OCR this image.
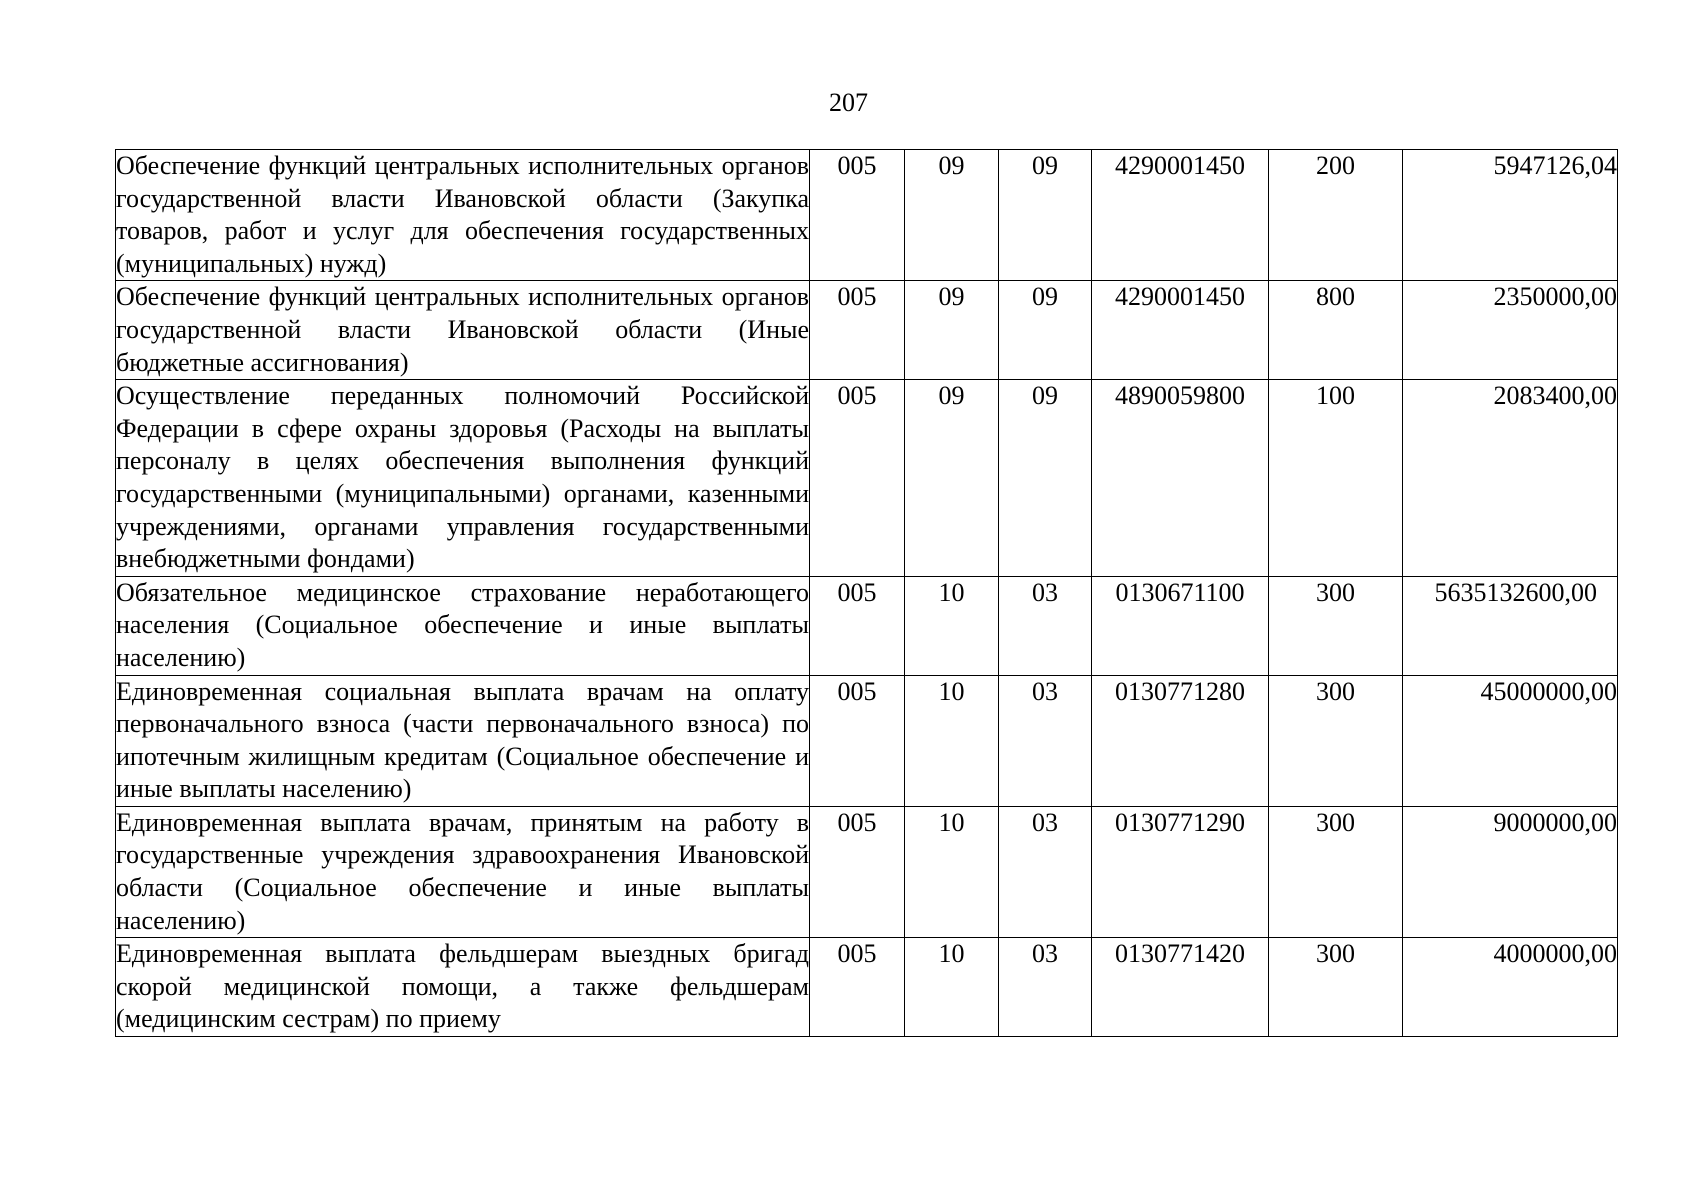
207
Обеспечение функций центральных исполнительных органов государственной власти Ивановской области (Закупка товаров, работ и услуг для обеспечения государственных (муниципальных) нужд)	005	09	09	4290001450	200	5947126,04
Обеспечение функций центральных исполнительных органов государственной власти Ивановской области (Иные бюджетные ассигнования)	005	09	09	4290001450	800	2350000,00
Осуществление переданных полномочий Российской Федерации в сфере охраны здоровья (Расходы на выплаты персоналу в целях обеспечения выполнения функций государственными (муниципальными) органами, казенными учреждениями, органами управления государственными внебюджетными фондами)	005	09	09	4890059800	100	2083400,00
Обязательное медицинское страхование неработающего населения (Социальное обеспечение и иные выплаты населению)	005	10	03	0130671100	300	5635132600,00
Единовременная социальная выплата врачам на оплату первоначального взноса (части первоначального взноса) по ипотечным жилищным кредитам (Социальное обеспечение и иные выплаты населению)	005	10	03	0130771280	300	45000000,00
Единовременная выплата врачам, принятым на работу в государственные учреждения здравоохранения Ивановской области (Социальное обеспечение и иные выплаты населению)	005	10	03	0130771290	300	9000000,00
Единовременная выплата фельдшерам выездных бригад скорой медицинской помощи, а также фельдшерам (медицинским сестрам) по приему	005	10	03	0130771420	300	4000000,00
